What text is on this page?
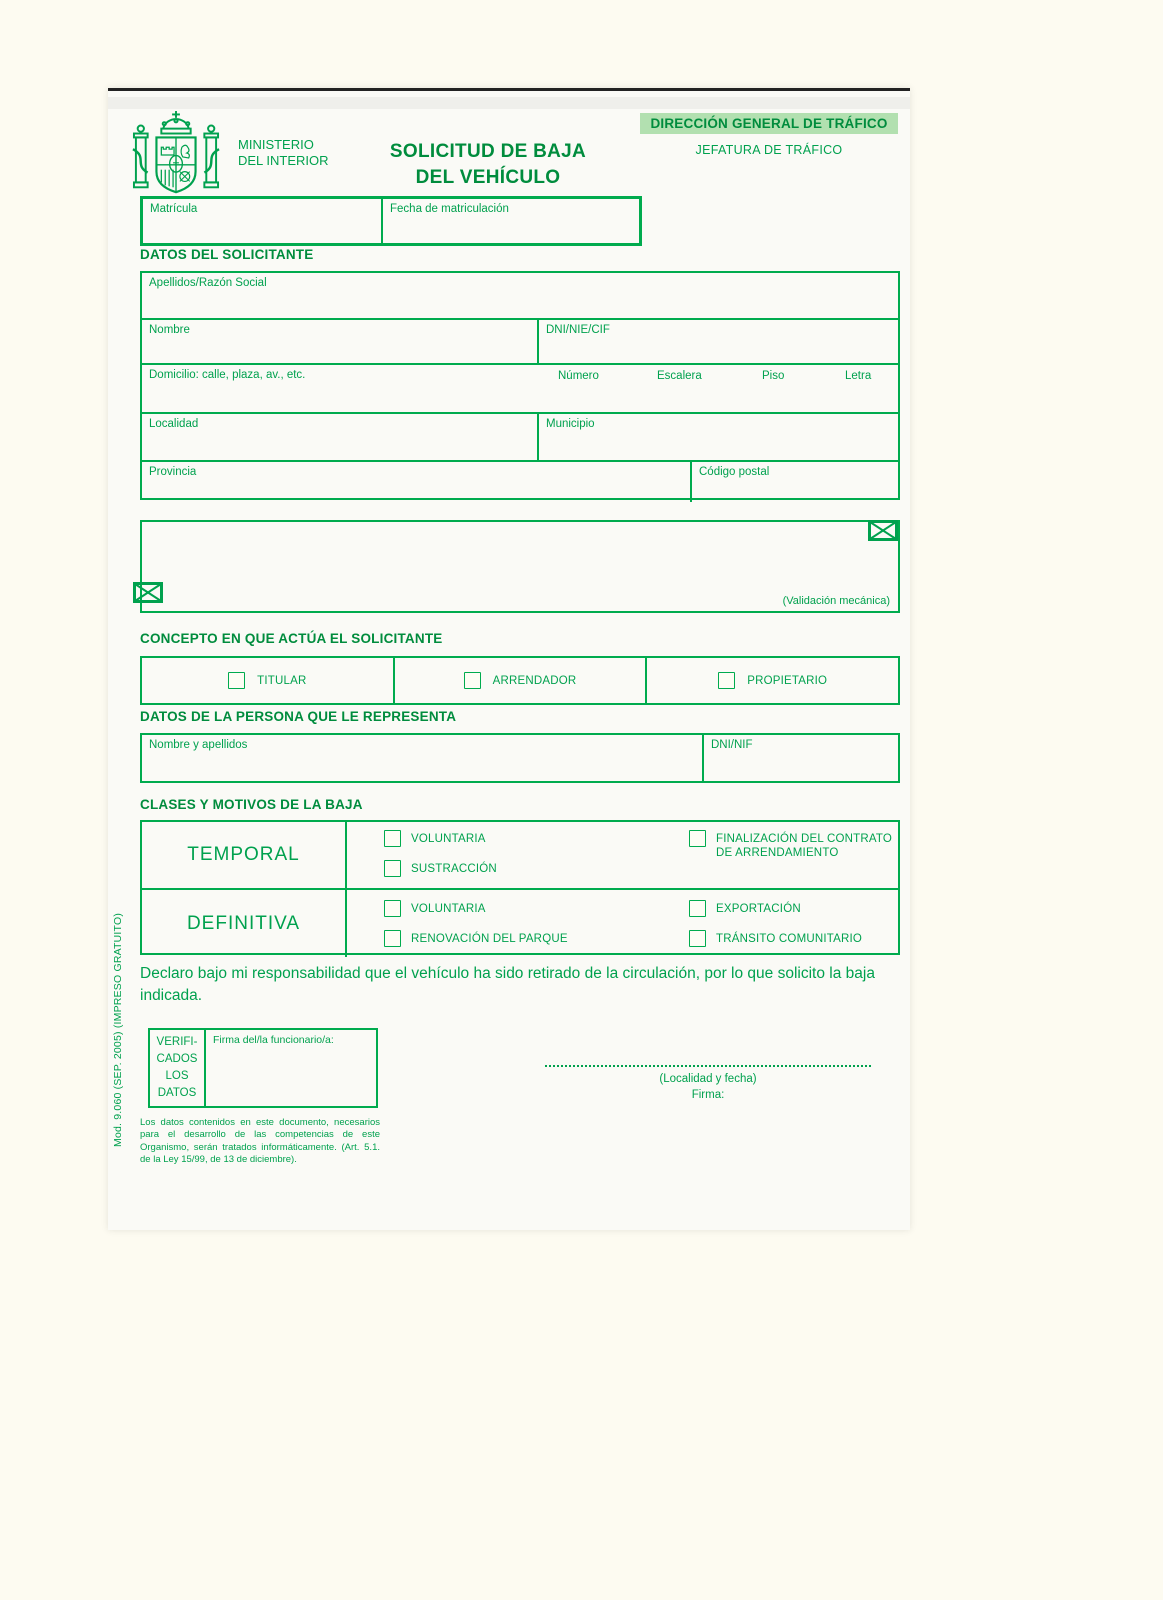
MINISTERIO
DEL INTERIOR	SOLICITUD DE BAJA
DEL VEHÍCULO
DIRECCIÓN GENERAL DE TRÁFICO
JEFATURA DE TRÁFICO
Matrícula	Fecha de matriculación
DATOS DEL SOLICITANTE
Apellidos/Razón Social
Nombre	DNI/NIE/CIF
Domicilio: calle, plaza, av., etc.	Número	Escalera	Piso	Letra
Localidad	Municipio
Provincia	Código postal
(Validación mecánica)
CONCEPTO EN QUE ACTÚA EL SOLICITANTE
TITULAR	ARRENDADOR	PROPIETARIO
DATOS DE LA PERSONA QUE LE REPRESENTA
Nombre y apellidos	DNI/NIF
CLASES Y MOTIVOS DE LA BAJA
TEMPORAL
VOLUNTARIA
SUSTRACCIÓN
FINALIZACIÓN DEL CONTRATO DE ARRENDAMIENTO
DEFINITIVA
VOLUNTARIA
RENOVACIÓN DEL PARQUE
EXPORTACIÓN
TRÁNSITO COMUNITARIO

Declaro bajo mi responsabilidad que el vehículo ha sido retirado de la circulación, por lo que solicito la baja indicada.

VERIFI-
CADOS
LOS
DATOS
Firma del/la funcionario/a:

Los datos contenidos en este documento, necesarios para el desarrollo de las competencias de este Organismo, serán tratados informáticamente. (Art. 5.1. de la Ley 15/99, de 13 de diciembre).

(Localidad y fecha)
Firma:
Mod. 9.060 (SEP. 2005) (IMPRESO GRATUITO)
